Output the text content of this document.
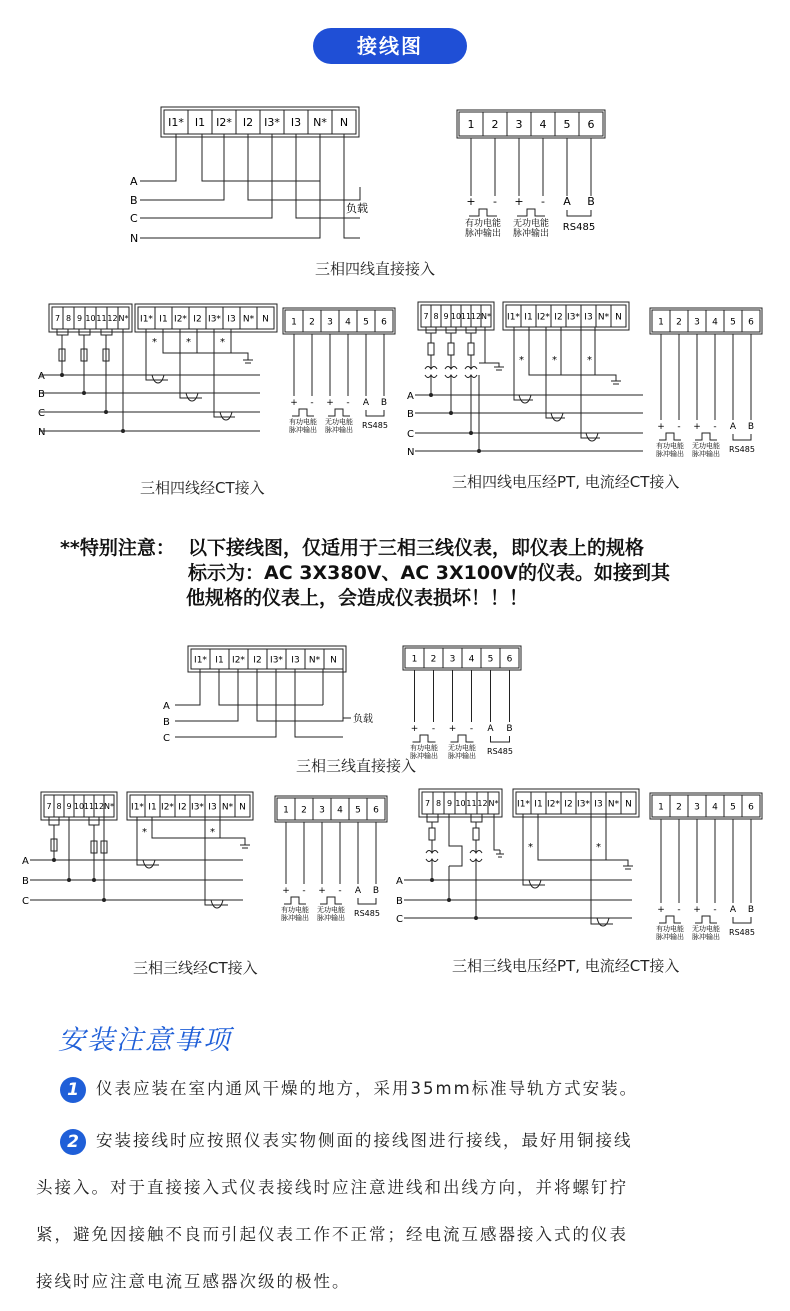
接线图
I1* I1 I2* I2 I3* I3 N* N
A
B
C
N
负载
1 2 3 4 5 6
+ - + - A B
有功电能
脉冲输出
无功电能
脉冲输出
RS485
三相四线直接接入
7 8 9 10 11 12 N* I1* I1 I2* I2 I3* I3 N* N
*	*	*
A
B
C
N
1 2 3 4 5 6
+ - + - A B
有功电能
脉冲输出
无功电能
脉冲输出 RS485
三相四线经CT接入
7 8 9 10 11 12 N* I1* I1 I2* I2 I3* I3 N* N
*	*	*
A
B
C
N
1 2 3 4 5 6
+ - + - A B
有功电能
脉冲输出
无功电能
脉冲输出 RS485
三相四线电压经PT, 电流经CT接入
**特别注意： 以下接线图，仅适用于三相三线仪表，即仪表上的规格
标示为：AC 3X380V、AC 3X100V的仪表。如接到其
他规格的仪表上，会造成仪表损坏！！！
I1* I1 I2* I2 I3* I3 N* N
A
B
C
负载
1 2 3 4 5 6
+ - + - A B
有功电能
脉冲输出
无功电能
脉冲输出 RS485
三相三线直接接入
7 8 9 10 11 12 N* I1* I1 I2* I2 I3* I3 N* N
*	*
A
B
C
1 2 3 4 5 6
+ - + - A B
有功电能
脉冲输出
无功电能
脉冲输出 RS485
三相三线经CT接入
7 8 9 10 11 12 N* I1* I1 I2* I2 I3* I3 N* N
*	*
A
B
C
1 2 3 4 5 6
+ - + - A B
有功电能
脉冲输出
无功电能
脉冲输出 RS485
三相三线电压经PT, 电流经CT接入
安装注意事项
1 仪表应装在室内通风干燥的地方，采用35mm标准导轨方式安装。
2 安装接线时应按照仪表实物侧面的接线图进行接线，最好用铜接线
头接入。对于直接接入式仪表接线时应注意进线和出线方向，并将螺钉拧
紧，避免因接触不良而引起仪表工作不正常；经电流互感器接入式的仪表
接线时应注意电流互感器次级的极性。
